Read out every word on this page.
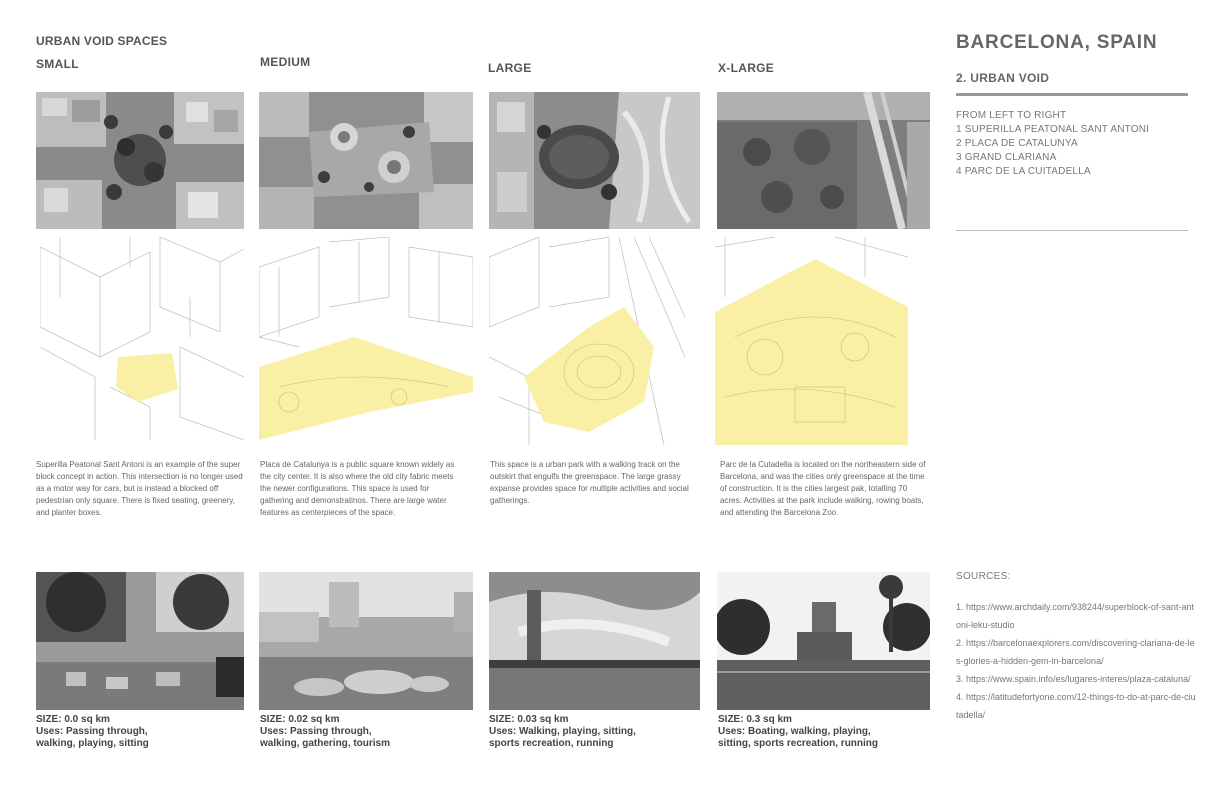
URBAN VOID SPACES
SMALL	MEDIUM	LARGE	X-LARGE
Superilla Peatonal Sant Antoni is an example of the super block concept in action. This intersection is no longer used as a motor way for cars, but is instead a blocked off pedestrian only square. There is fixed seating, greenery, and planter boxes.
Placa de Catalunya is a public square known widely as the city center. It is also where the old city fabric meets the newer configurations. This space is used for gathering and demonstratinos. There are large water features as centerpieces of the space.
This space is a urban park with a walking track on the outskirt that engulfs the greenspace. The large grassy expanse provides space for multiple activities and social gatherings.
Parc de la Cutadella is located on the northeastern side of Barcelona, and was the cities only greenspace at the time of construction. It is the cities largest pak, totalling 70 acres. Activities at the park include walking, rowing boats, and attending the Barcelona Zoo.
SIZE: 0.0 sq km
Uses: Passing through,
walking, playing, sitting
SIZE: 0.02 sq km
Uses: Passing through,
walking, gathering, tourism
SIZE: 0.03 sq km
Uses: Walking, playing, sitting,
sports recreation, running
SIZE: 0.3 sq km
Uses: Boating, walking, playing,
sitting, sports recreation, running
BARCELONA, SPAIN
2. URBAN VOID
FROM LEFT TO RIGHT
1 SUPERILLA PEATONAL SANT ANTONI
2 PLACA DE CATALUNYA
3 GRAND CLARIANA
4 PARC DE LA CUITADELLA
SOURCES:
1. https://www.archdaily.com/938244/superblock-of-sant-antoni-leku-studio
2. https://barcelonaexplorers.com/discovering-clariana-de-les-glories-a-hidden-gem-in-barcelona/
3. https://www.spain.info/es/lugares-interes/plaza-cataluna/
4. https://latitudefortyone.com/12-things-to-do-at-parc-de-ciutadella/
